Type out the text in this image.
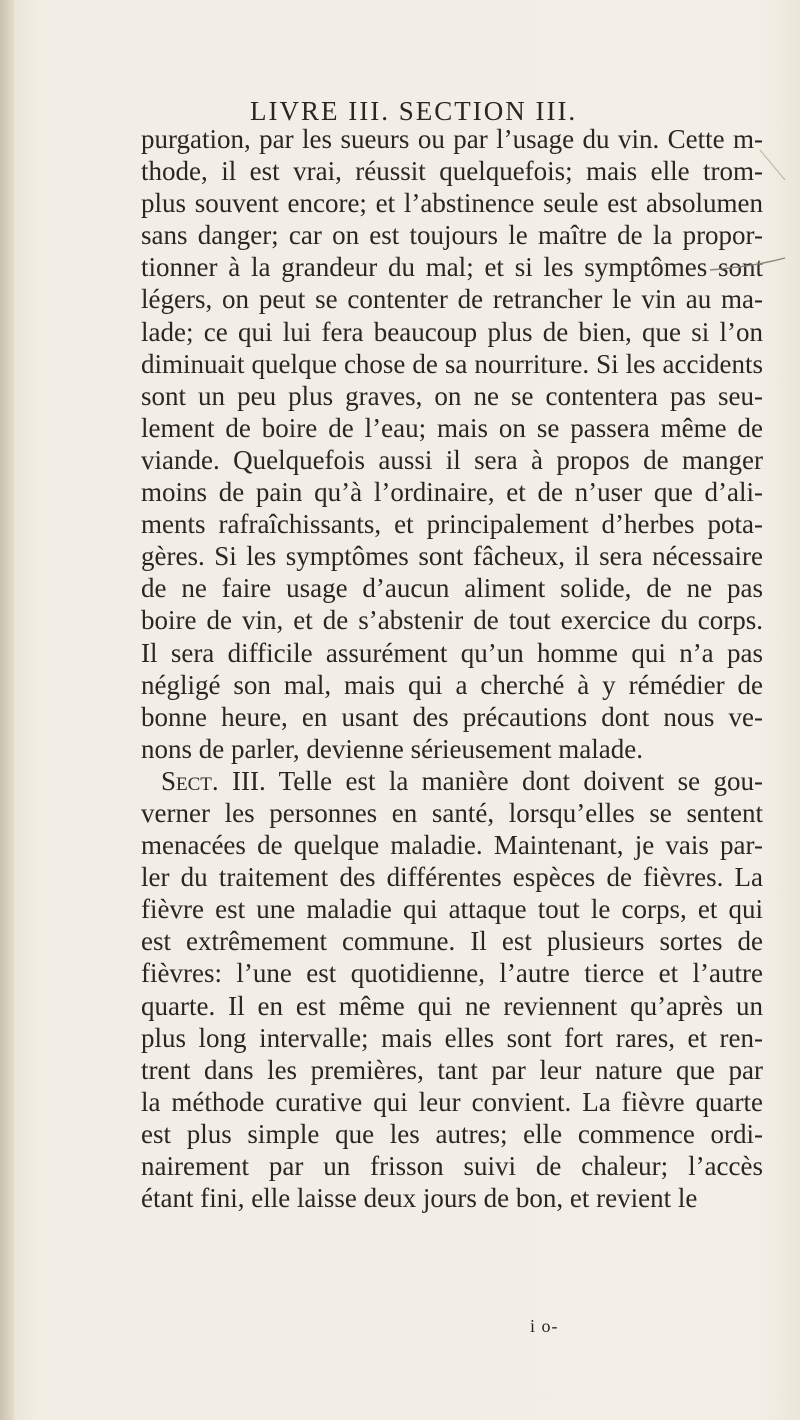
LIVRE III. SECTION III.
purgation, par les sueurs ou par l’usage du vin. Cette m-
thode, il est vrai, réussit quelquefois; mais elle trom-
plus souvent encore; et l’abstinence seule est absolumen
sans danger; car on est toujours le maître de la propor-
tionner à la grandeur du mal; et si les symptômes sont
légers, on peut se contenter de retrancher le vin au ma-
lade; ce qui lui fera beaucoup plus de bien, que si l’on
diminuait quelque chose de sa nourriture. Si les accidents
sont un peu plus graves, on ne se contentera pas seu-
lement de boire de l’eau; mais on se passera même de
viande. Quelquefois aussi il sera à propos de manger
moins de pain qu’à l’ordinaire, et de n’user que d’ali-
ments rafraîchissants, et principalement d’herbes pota-
gères. Si les symptômes sont fâcheux, il sera nécessaire
de ne faire usage d’aucun aliment solide, de ne pas
boire de vin, et de s’abstenir de tout exercice du corps.
Il sera difficile assurément qu’un homme qui n’a pas
négligé son mal, mais qui a cherché à y rémédier de
bonne heure, en usant des précautions dont nous ve-
nons de parler, devienne sérieusement malade.
Sect. III. Telle est la manière dont doivent se gou-
verner les personnes en santé, lorsqu’elles se sentent
menacées de quelque maladie. Maintenant, je vais par-
ler du traitement des différentes espèces de fièvres. La
fièvre est une maladie qui attaque tout le corps, et qui
est extrêmement commune. Il est plusieurs sortes de
fièvres: l’une est quotidienne, l’autre tierce et l’autre
quarte. Il en est même qui ne reviennent qu’après un
plus long intervalle; mais elles sont fort rares, et ren-
trent dans les premières, tant par leur nature que par
la méthode curative qui leur convient. La fièvre quarte
est plus simple que les autres; elle commence ordi-
nairement par un frisson suivi de chaleur; l’accès
étant fini, elle laisse deux jours de bon, et revient le
i o-
